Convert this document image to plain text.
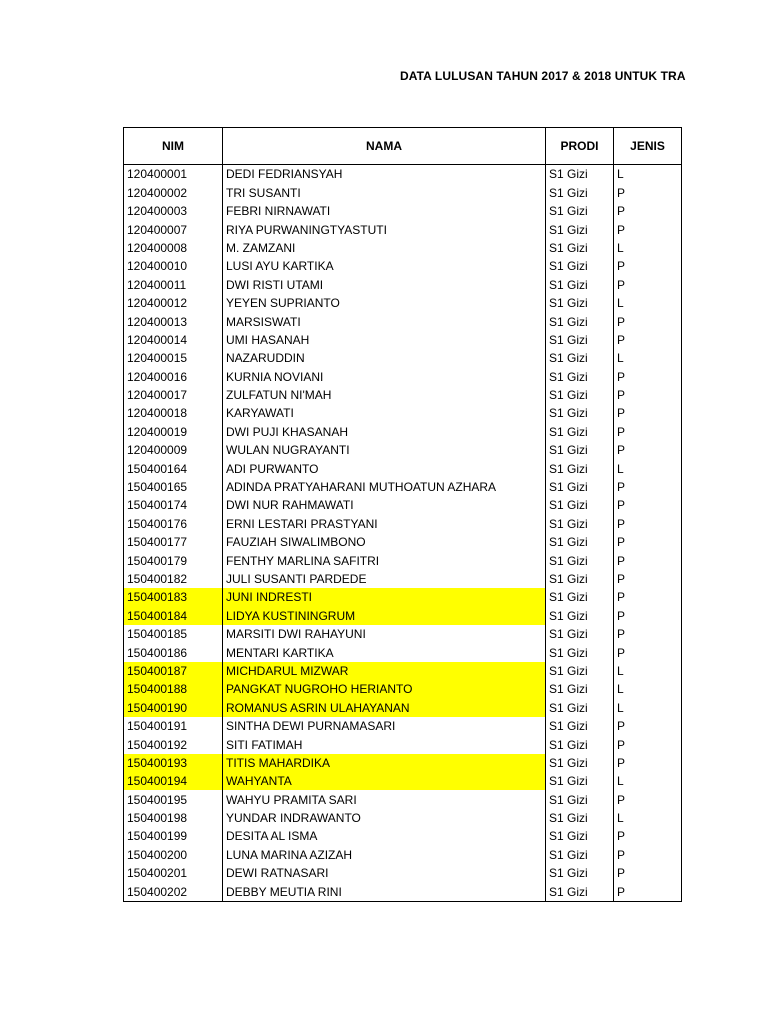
DATA LULUSAN TAHUN 2017 & 2018 UNTUK TRA
NIM	NAMA	PRODI	JENIS
120400001	DEDI FEDRIANSYAH	S1 Gizi	L
120400002	TRI SUSANTI	S1 Gizi	P
120400003	FEBRI NIRNAWATI	S1 Gizi	P
120400007	RIYA PURWANINGTYASTUTI	S1 Gizi	P
120400008	M. ZAMZANI	S1 Gizi	L
120400010	LUSI AYU KARTIKA	S1 Gizi	P
120400011	DWI RISTI UTAMI	S1 Gizi	P
120400012	YEYEN SUPRIANTO	S1 Gizi	L
120400013	MARSISWATI	S1 Gizi	P
120400014	UMI HASANAH	S1 Gizi	P
120400015	NAZARUDDIN	S1 Gizi	L
120400016	KURNIA NOVIANI	S1 Gizi	P
120400017	ZULFATUN NI'MAH	S1 Gizi	P
120400018	KARYAWATI	S1 Gizi	P
120400019	DWI PUJI KHASANAH	S1 Gizi	P
120400009	WULAN NUGRAYANTI	S1 Gizi	P
150400164	ADI PURWANTO	S1 Gizi	L
150400165	ADINDA PRATYAHARANI MUTHOATUN AZHARA	S1 Gizi	P
150400174	DWI NUR RAHMAWATI	S1 Gizi	P
150400176	ERNI LESTARI PRASTYANI	S1 Gizi	P
150400177	FAUZIAH SIWALIMBONO	S1 Gizi	P
150400179	FENTHY MARLINA SAFITRI	S1 Gizi	P
150400182	JULI SUSANTI PARDEDE	S1 Gizi	P
150400183	JUNI INDRESTI	S1 Gizi	P
150400184	LIDYA KUSTININGRUM	S1 Gizi	P
150400185	MARSITI DWI RAHAYUNI	S1 Gizi	P
150400186	MENTARI KARTIKA	S1 Gizi	P
150400187	MICHDARUL MIZWAR	S1 Gizi	L
150400188	PANGKAT NUGROHO HERIANTO	S1 Gizi	L
150400190	ROMANUS ASRIN ULAHAYANAN	S1 Gizi	L
150400191	SINTHA DEWI PURNAMASARI	S1 Gizi	P
150400192	SITI FATIMAH	S1 Gizi	P
150400193	TITIS MAHARDIKA	S1 Gizi	P
150400194	WAHYANTA	S1 Gizi	L
150400195	WAHYU PRAMITA SARI	S1 Gizi	P
150400198	YUNDAR INDRAWANTO	S1 Gizi	L
150400199	DESITA AL ISMA	S1 Gizi	P
150400200	LUNA MARINA AZIZAH	S1 Gizi	P
150400201	DEWI RATNASARI	S1 Gizi	P
150400202	DEBBY MEUTIA RINI	S1 Gizi	P
